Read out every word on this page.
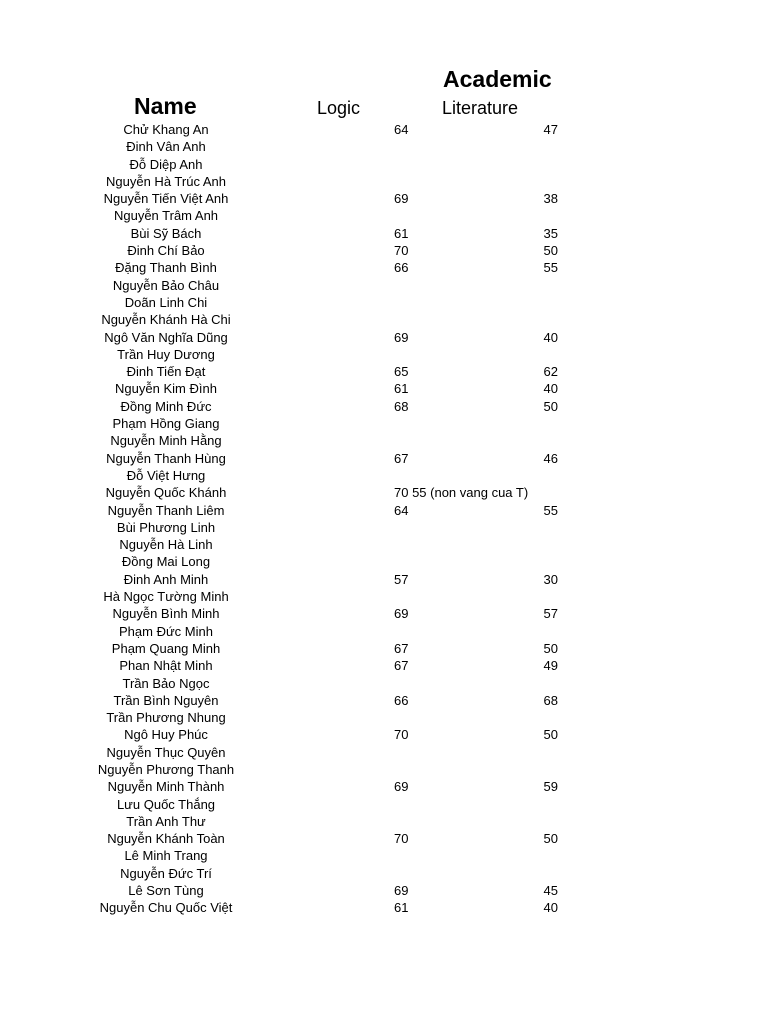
Academic
Name	Logic	Literature
Chử Khang An	64	47
Đinh Vân Anh
Đỗ Diệp Anh
Nguyễn Hà Trúc Anh
Nguyễn Tiến Việt Anh	69	38
Nguyễn Trâm Anh
Bùi Sỹ Bách	61	35
Đinh Chí Bảo	70	50
Đặng Thanh Bình	66	55
Nguyễn Bảo Châu
Doãn Linh Chi
Nguyễn Khánh Hà Chi
Ngô Văn Nghĩa Dũng	69	40
Trần Huy Dương
Đinh Tiến Đạt	65	62
Nguyễn Kim Đình	61	40
Đồng Minh Đức	68	50
Phạm Hồng Giang
Nguyễn Minh Hằng
Nguyễn Thanh Hùng	67	46
Đỗ Việt Hưng
Nguyễn Quốc Khánh	70 55 (non vang cua T)
Nguyễn Thanh Liêm	64	55
Bùi Phương Linh
Nguyễn Hà Linh
Đồng Mai Long
Đinh Anh Minh	57	30
Hà Ngọc Tường Minh
Nguyễn Bình Minh	69	57
Phạm Đức Minh
Phạm Quang Minh	67	50
Phan Nhật Minh	67	49
Trần Bảo Ngọc
Trần Bình Nguyên	66	68
Trần Phương Nhung
Ngô Huy Phúc	70	50
Nguyễn Thục Quyên
Nguyễn Phương Thanh
Nguyễn Minh Thành	69	59
Lưu Quốc Thắng
Trần Anh Thư
Nguyễn Khánh Toàn	70	50
Lê Minh Trang
Nguyễn Đức Trí
Lê Sơn Tùng	69	45
Nguyễn Chu Quốc Việt	61	40
